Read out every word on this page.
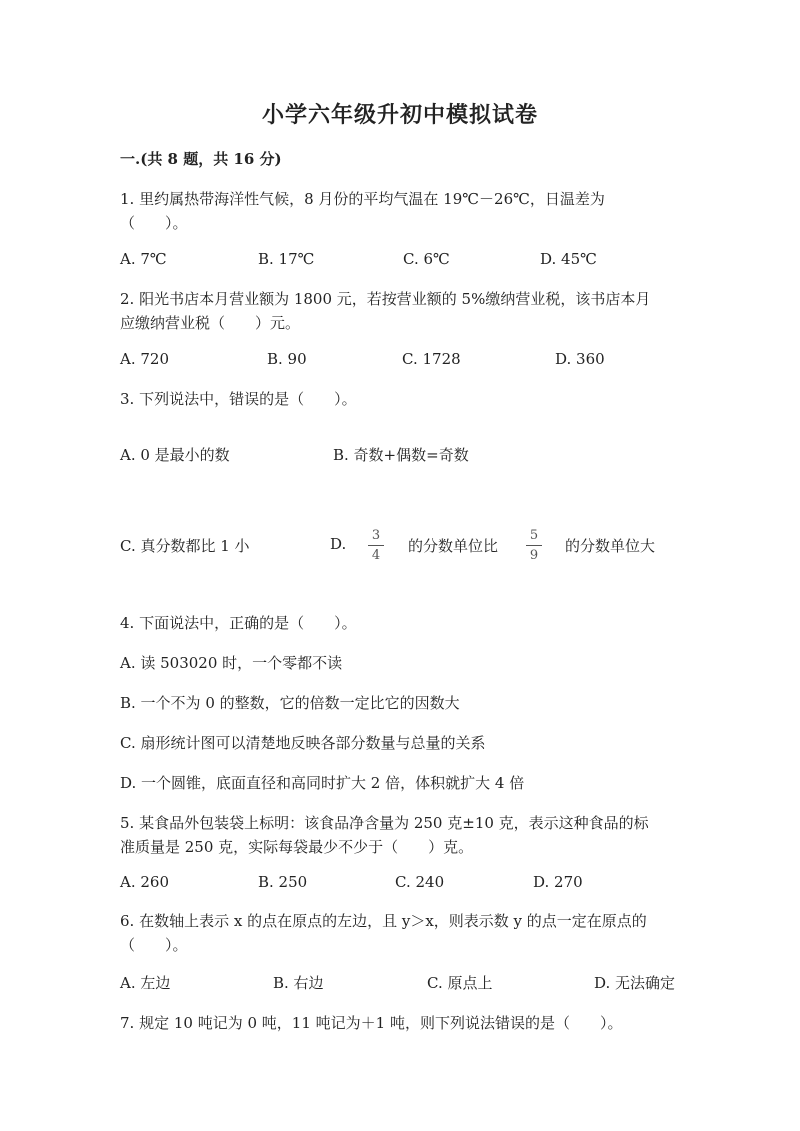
小学六年级升初中模拟试卷
一.(共 8 题，共 16 分)
1. 里约属热带海洋性气候，8 月份的平均气温在 19℃－26℃，日温差为
（　　）。
A. 7℃	B. 17℃	C. 6℃	D. 45℃
2. 阳光书店本月营业额为 1800 元，若按营业额的 5%缴纳营业税，该书店本月
应缴纳营业税（　　）元。
A. 720	B. 90	C. 1728	D. 360
3. 下列说法中，错误的是（　　）。
A. 0 是最小的数	B. 奇数+偶数=奇数
C. 真分数都比 1 小	D. 3
4
的分数单位比
5
9
的分数单位大
4. 下面说法中，正确的是（　　）。
A. 读 503020 时，一个零都不读
B. 一个不为 0 的整数，它的倍数一定比它的因数大
C. 扇形统计图可以清楚地反映各部分数量与总量的关系
D. 一个圆锥，底面直径和高同时扩大 2 倍，体积就扩大 4 倍
5. 某食品外包装袋上标明：该食品净含量为 250 克±10 克，表示这种食品的标
准质量是 250 克，实际每袋最少不少于（　　）克。
A. 260	B. 250	C. 240	D. 270
6. 在数轴上表示 x 的点在原点的左边，且 y＞x，则表示数 y 的点一定在原点的
（　　）。
A. 左边	B. 右边	C. 原点上	D. 无法确定
7. 规定 10 吨记为 0 吨，11 吨记为＋1 吨，则下列说法错误的是（　　）。
